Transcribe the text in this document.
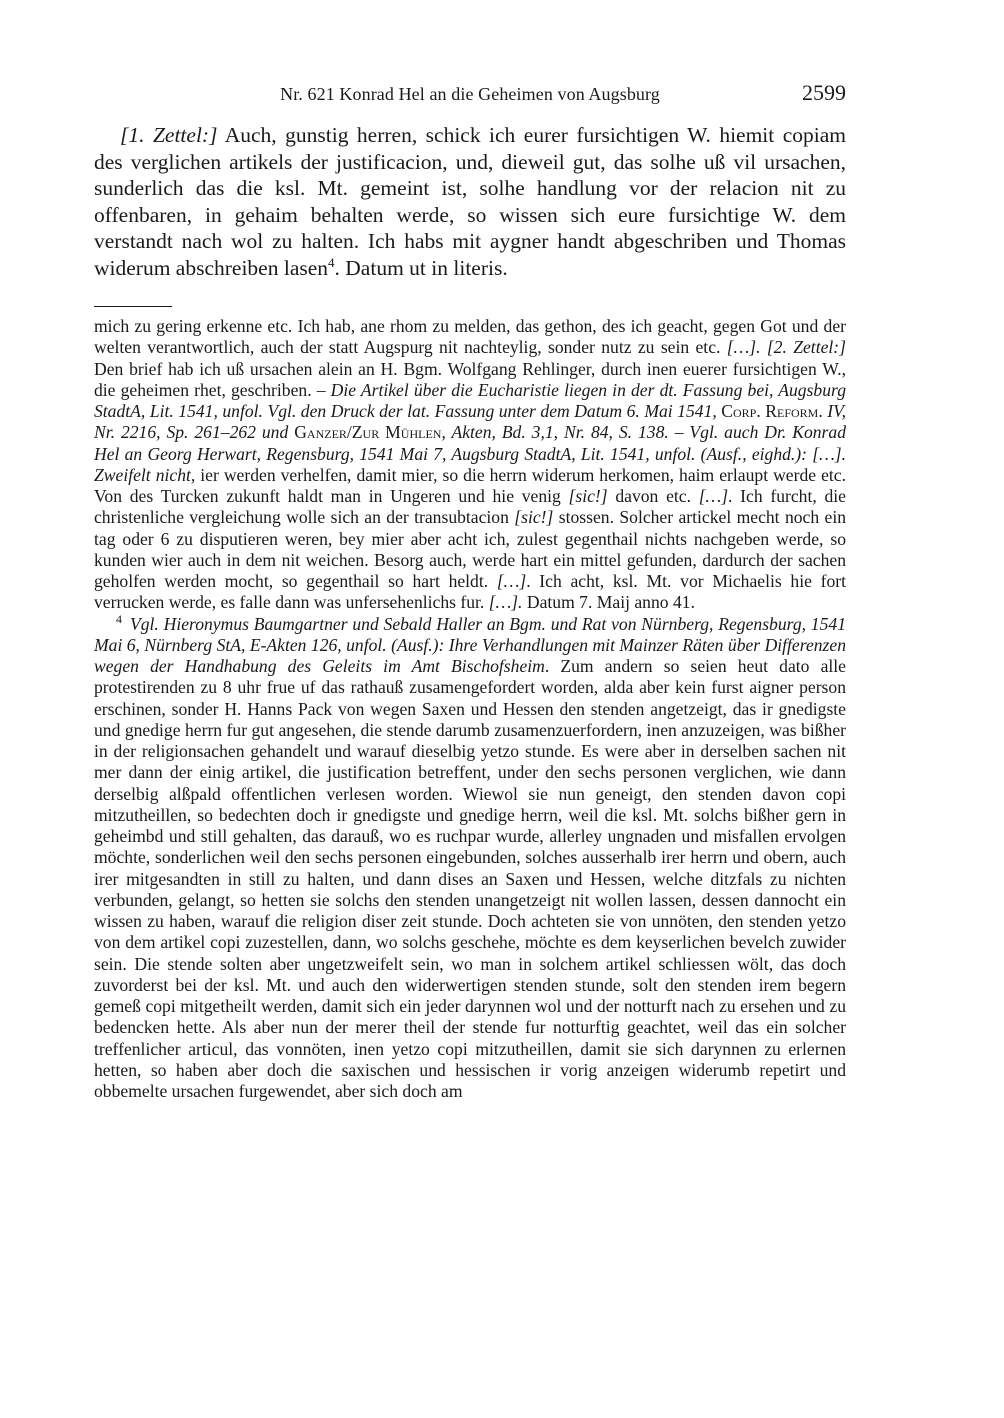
Nr. 621 Konrad Hel an die Geheimen von Augsburg	2599

[1. Zettel:] Auch, gunstig herren, schick ich eurer fursichtigen W. hiemit copiam des verglichen artikels der justificacion, und, dieweil gut, das solhe uß vil ursachen, sunderlich das die ksl. Mt. gemeint ist, solhe handlung vor der relacion nit zu offenbaren, in gehaim behalten werde, so wissen sich eure fursichtige W. dem verstandt nach wol zu halten. Ich habs mit aygner handt abgeschriben und Thomas widerum abschreiben lasen$^4$. Datum ut in literis.

mich zu gering erkenne etc. Ich hab, ane rhom zu melden, das gethon, des ich geacht, gegen Got und der welten verantwortlich, auch der statt Augspurg nit nachteylig, sonder nutz zu sein etc. […]. [2. Zettel:] Den brief hab ich uß ursachen alein an H. Bgm. Wolfgang Rehlinger, durch inen euerer fursichtigen W., die geheimen rhet, geschriben. – Die Artikel über die Eucharistie liegen in der dt. Fassung bei, Augsburg StadtA, Lit. 1541, unfol. Vgl. den Druck der lat. Fassung unter dem Datum 6. Mai 1541, Corp. Reform. IV, Nr. 2216, Sp. 261–262 und Ganzer/Zur Mühlen, Akten, Bd. 3,1, Nr. 84, S. 138. – Vgl. auch Dr. Konrad Hel an Georg Herwart, Regensburg, 1541 Mai 7, Augsburg StadtA, Lit. 1541, unfol. (Ausf., eighd.): […]. Zweifelt nicht, ier werden verhelfen, damit mier, so die herrn widerum herkomen, haim erlaupt werde etc. Von des Turcken zukunft haldt man in Ungeren und hie venig [sic!] davon etc. […]. Ich furcht, die christenliche vergleichung wolle sich an der transubtacion [sic!] stossen. Solcher artickel mecht noch ein tag oder 6 zu disputieren weren, bey mier aber acht ich, zulest gegenthail nichts nachgeben werde, so kunden wier auch in dem nit weichen. Besorg auch, werde hart ein mittel gefunden, dardurch der sachen geholfen werden mocht, so gegenthail so hart heldt. […]. Ich acht, ksl. Mt. vor Michaelis hie fort verrucken werde, es falle dann was unfersehenlichs fur. […]. Datum 7. Maij anno 41.

$^4$ Vgl. Hieronymus Baumgartner und Sebald Haller an Bgm. und Rat von Nürnberg, Regensburg, 1541 Mai 6, Nürnberg StA, E-Akten 126, unfol. (Ausf.): Ihre Verhandlungen mit Mainzer Räten über Differenzen wegen der Handhabung des Geleits im Amt Bischofsheim. Zum andern so seien heut dato alle protestirenden zu 8 uhr frue uf das rathauß zusamengefordert worden, alda aber kein furst aigner person erschinen, sonder H. Hanns Pack von wegen Saxen und Hessen den stenden angetzeigt, das ir gnedigste und gnedige herrn fur gut angesehen, die stende darumb zusamenzuerfordern, inen anzuzeigen, was bißher in der religionsachen gehandelt und warauf dieselbig yetzo stunde. Es were aber in derselben sachen nit mer dann der einig artikel, die justification betreffent, under den sechs personen verglichen, wie dann derselbig alßpald offentlichen verlesen worden. Wiewol sie nun geneigt, den stenden davon copi mitzutheillen, so bedechten doch ir gnedigste und gnedige herrn, weil die ksl. Mt. solchs bißher gern in geheimbd und still gehalten, das darauß, wo es ruchpar wurde, allerley ungnaden und misfallen ervolgen möchte, sonderlichen weil den sechs personen eingebunden, solches ausserhalb irer herrn und obern, auch irer mitgesandten in still zu halten, und dann dises an Saxen und Hessen, welche ditzfals zu nichten verbunden, gelangt, so hetten sie solchs den stenden unangetzeigt nit wollen lassen, dessen dannocht ein wissen zu haben, warauf die religion diser zeit stunde. Doch achteten sie von unnöten, den stenden yetzo von dem artikel copi zuzestellen, dann, wo solchs geschehe, möchte es dem keyserlichen bevelch zuwider sein. Die stende solten aber ungetzweifelt sein, wo man in solchem artikel schliessen wölt, das doch zuvorderst bei der ksl. Mt. und auch den widerwertigen stenden stunde, solt den stenden irem begern gemeß copi mitgetheilt werden, damit sich ein jeder darynnen wol und der notturft nach zu ersehen und zu bedencken hette. Als aber nun der merer theil der stende fur notturftig geachtet, weil das ein solcher treffenlicher articul, das vonnöten, inen yetzo copi mitzutheillen, damit sie sich darynnen zu erlernen hetten, so haben aber doch die saxischen und hessischen ir vorig anzeigen widerumb repetirt und obbemelte ursachen furgewendet, aber sich doch am
